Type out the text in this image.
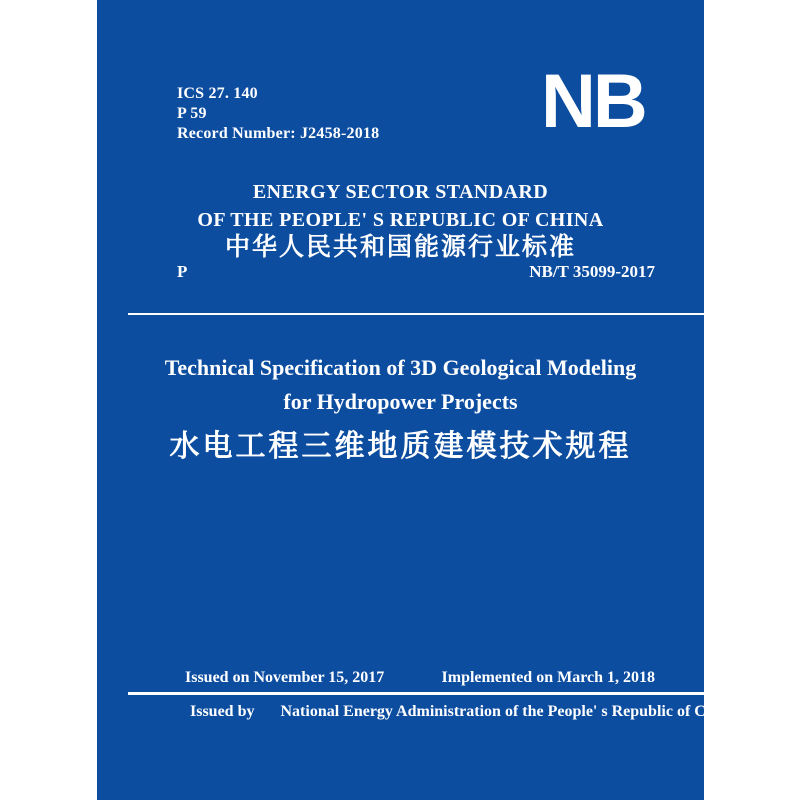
ICS 27. 140
P 59
Record Number: J2458-2018 NB
ENERGY SECTOR STANDARD
OF THE PEOPLE' S REPUBLIC OF CHINA
中华人民共和国能源行业标准
P	NB/T 35099-2017
Technical Specification of 3D Geological Modeling
for Hydropower Projects
水电工程三维地质建模技术规程
Issued on November 15, 2017	Implemented on March 1, 2018
Issued by National Energy Administration of the People' s Republic of China
